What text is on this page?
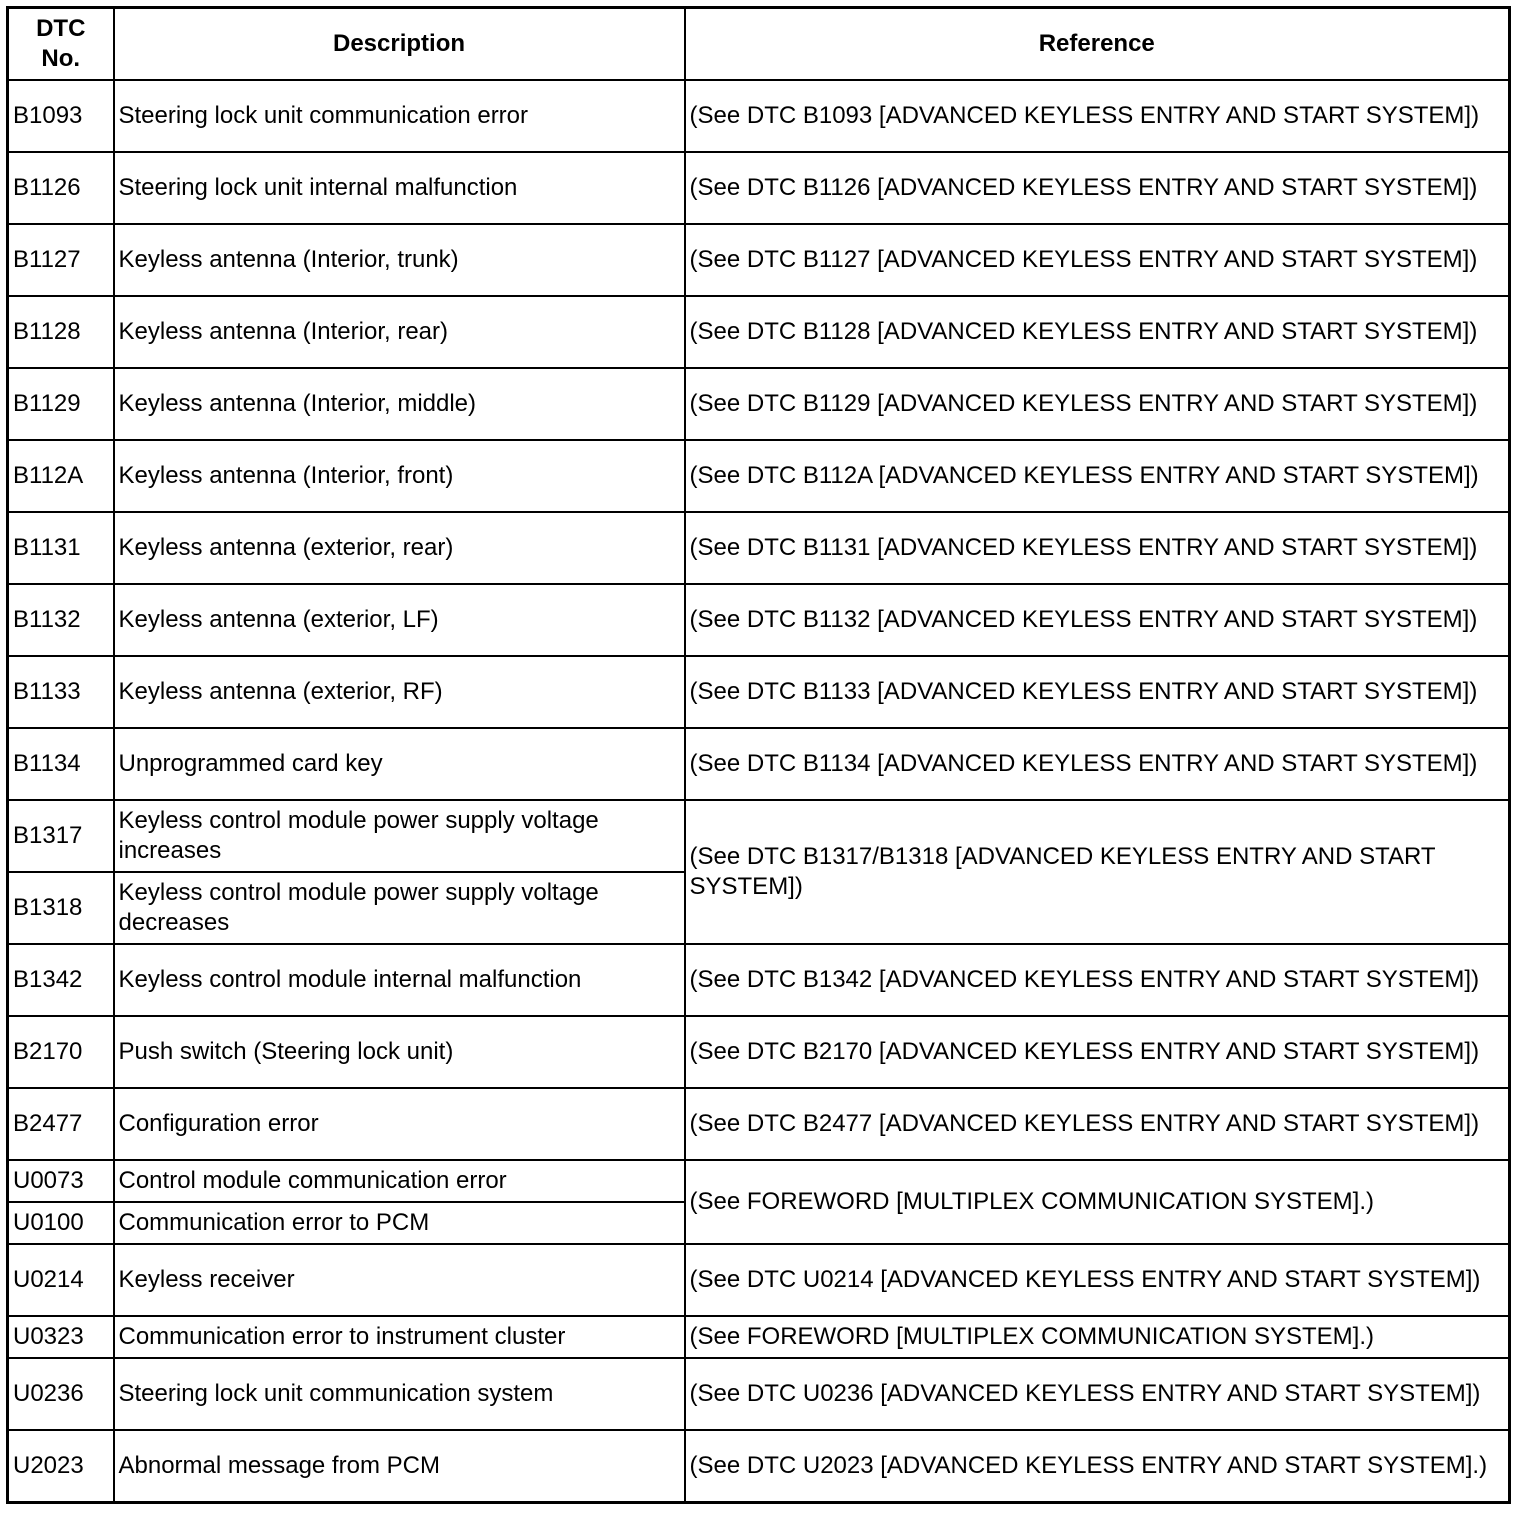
DTC
No.	Description	Reference
B1093	Steering lock unit communication error	(See DTC B1093 [ADVANCED KEYLESS ENTRY AND START SYSTEM])
B1126	Steering lock unit internal malfunction	(See DTC B1126 [ADVANCED KEYLESS ENTRY AND START SYSTEM])
B1127	Keyless antenna (Interior, trunk)	(See DTC B1127 [ADVANCED KEYLESS ENTRY AND START SYSTEM])
B1128	Keyless antenna (Interior, rear)	(See DTC B1128 [ADVANCED KEYLESS ENTRY AND START SYSTEM])
B1129	Keyless antenna (Interior, middle)	(See DTC B1129 [ADVANCED KEYLESS ENTRY AND START SYSTEM])
B112A	Keyless antenna (Interior, front)	(See DTC B112A [ADVANCED KEYLESS ENTRY AND START SYSTEM])
B1131	Keyless antenna (exterior, rear)	(See DTC B1131 [ADVANCED KEYLESS ENTRY AND START SYSTEM])
B1132	Keyless antenna (exterior, LF)	(See DTC B1132 [ADVANCED KEYLESS ENTRY AND START SYSTEM])
B1133	Keyless antenna (exterior, RF)	(See DTC B1133 [ADVANCED KEYLESS ENTRY AND START SYSTEM])
B1134	Unprogrammed card key	(See DTC B1134 [ADVANCED KEYLESS ENTRY AND START SYSTEM])
B1317	Keyless control module power supply voltage increases	(See DTC B1317/B1318 [ADVANCED KEYLESS ENTRY AND START SYSTEM])
B1318	Keyless control module power supply voltage decreases	
B1342	Keyless control module internal malfunction	(See DTC B1342 [ADVANCED KEYLESS ENTRY AND START SYSTEM])
B2170	Push switch (Steering lock unit)	(See DTC B2170 [ADVANCED KEYLESS ENTRY AND START SYSTEM])
B2477	Configuration error	(See DTC B2477 [ADVANCED KEYLESS ENTRY AND START SYSTEM])
U0073	Control module communication error	(See FOREWORD [MULTIPLEX COMMUNICATION SYSTEM].)
U0100	Communication error to PCM	
U0214	Keyless receiver	(See DTC U0214 [ADVANCED KEYLESS ENTRY AND START SYSTEM])
U0323	Communication error to instrument cluster	(See FOREWORD [MULTIPLEX COMMUNICATION SYSTEM].)
U0236	Steering lock unit communication system	(See DTC U0236 [ADVANCED KEYLESS ENTRY AND START SYSTEM])
U2023	Abnormal message from PCM	(See DTC U2023 [ADVANCED KEYLESS ENTRY AND START SYSTEM].)
